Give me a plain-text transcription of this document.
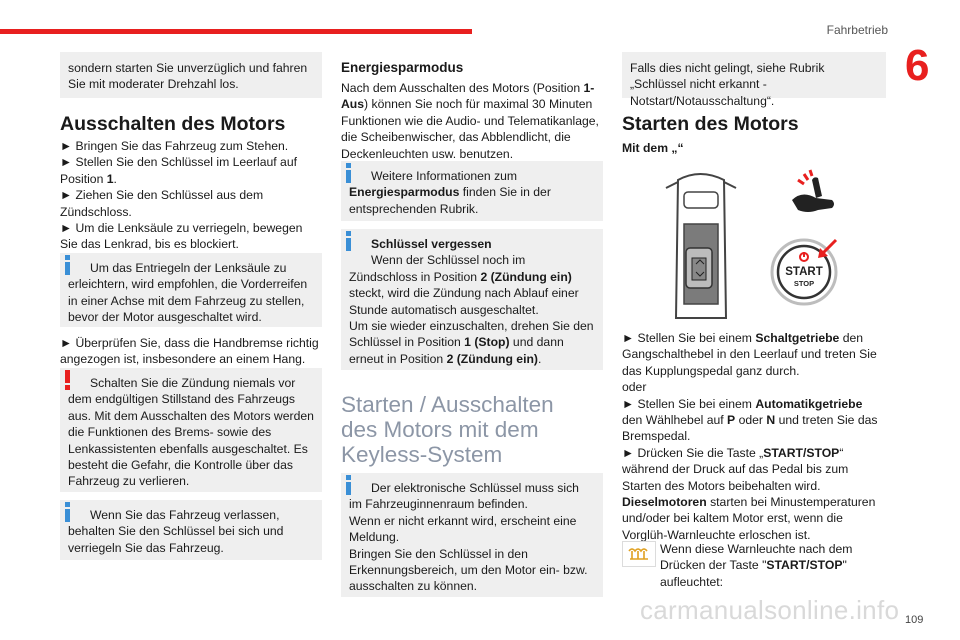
Fahrbetrieb
6
carmanualsonline.info 109

sondern starten Sie unverzüglich und fahren Sie mit moderater Drehzahl los.

Ausschalten des Motors

► Bringen Sie das Fahrzeug zum Stehen.

► Stellen Sie den Schlüssel im Leerlauf auf Position 1.

► Ziehen Sie den Schlüssel aus dem Zündschloss.

► Um die Lenksäule zu verriegeln, bewegen Sie das Lenkrad, bis es blockiert.

Um das Entriegeln der Lenksäule zu erleichtern, wird empfohlen, die Vorderreifen in einer Achse mit dem Fahrzeug zu stellen, bevor der Motor ausgeschaltet wird.

► Überprüfen Sie, dass die Handbremse richtig angezogen ist, insbesondere an einem Hang.

Schalten Sie die Zündung niemals vor dem endgültigen Stillstand des Fahrzeugs aus. Mit dem Ausschalten des Motors werden die Funktionen des Brems- sowie des Lenkassistenten ebenfalls ausgeschaltet. Es besteht die Gefahr, die Kontrolle über das Fahrzeug zu verlieren.

Wenn Sie das Fahrzeug verlassen, behalten Sie den Schlüssel bei sich und verriegeln Sie das Fahrzeug.

Energiesparmodus

Nach dem Ausschalten des Motors (Position 1-Aus) können Sie noch für maximal 30 Minuten Funktionen wie die Audio- und Telematikanlage, die Scheibenwischer, das Abblendlicht, die Deckenleuchten usw. benutzen.

Weitere Informationen zum Energiesparmodus finden Sie in der entsprechenden Rubrik.

Schlüssel vergessen

Wenn der Schlüssel noch im Zündschloss in Position 2 (Zündung ein) steckt, wird die Zündung nach Ablauf einer Stunde automatisch ausgeschaltet.

Um sie wieder einzuschalten, drehen Sie den Schlüssel in Position 1 (Stop) und dann erneut in Position 2 (Zündung ein).

Starten / Ausschalten des Motors mit dem Keyless-System

Der elektronische Schlüssel muss sich im Fahrzeuginnenraum befinden.

Wenn er nicht erkannt wird, erscheint eine Meldung.

Bringen Sie den Schlüssel in den Erkennungsbereich, um den Motor ein- bzw. ausschalten zu können.

Falls dies nicht gelingt, siehe Rubrik „Schlüssel nicht erkannt - Notstart/Notausschaltung“.

Starten des Motors

Mit dem „“

START
STOP

► Stellen Sie bei einem Schaltgetriebe den Gangschalthebel in den Leerlauf und treten Sie das Kupplungspedal ganz durch.

oder

► Stellen Sie bei einem Automatikgetriebe den Wählhebel auf P oder N und treten Sie das Bremspedal.

► Drücken Sie die Taste „START/STOP“ während der Druck auf das Pedal bis zum Starten des Motors beibehalten wird.

Dieselmotoren starten bei Minustemperaturen und/oder bei kaltem Motor erst, wenn die Vorglüh-Warnleuchte erloschen ist.

Wenn diese Warnleuchte nach dem Drücken der Taste "START/STOP" aufleuchtet:
